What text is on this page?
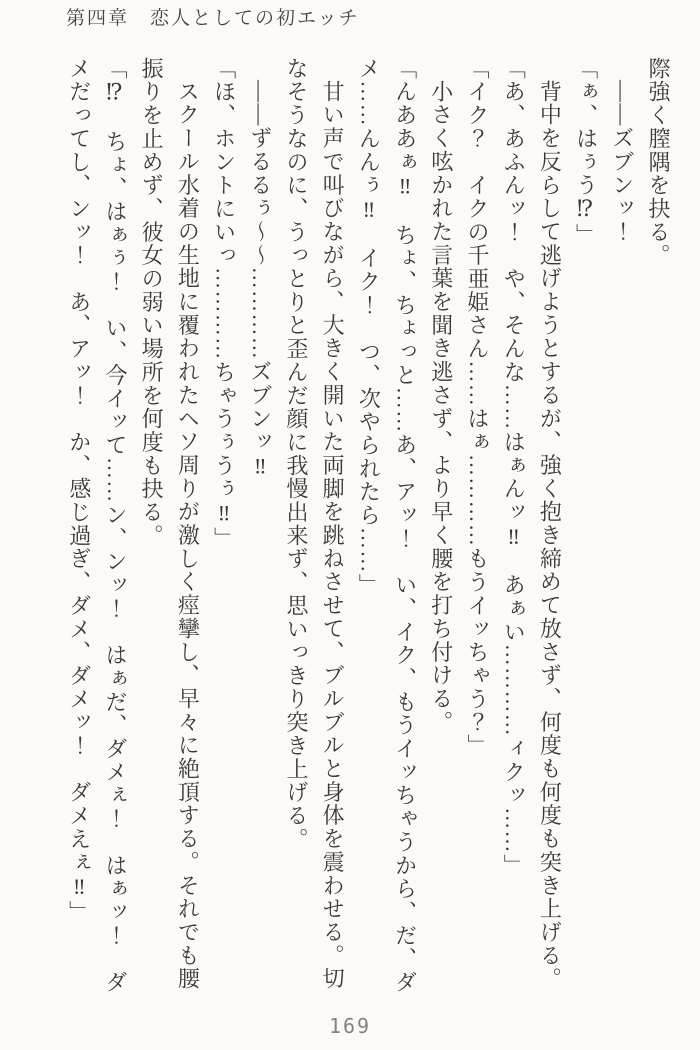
第四章　恋人としての初エッチ
際強く膣隅を抉る。
——ズブンッ！
「ぁ、はぅう⁉」
背中を反らして逃げようとするが、強く抱き締めて放さず、何度も何度も突き上げる。
「あ、あふんッ！　や、そんな……はぁんッ‼　あぁい…………ィクッ……」
「イク？　イクの千亜姫さん……はぁ…………もうイッちゃう？」
小さく呟かれた言葉を聞き逃さず、より早く腰を打ち付ける。
「んああぁ‼　ちょ、ちょっと……あ、アッ！　い、イク、もうイッちゃうから、だ、ダ
メ……んんぅ‼　イク！　つ、次やられたら……」
甘い声で叫びながら、大きく開いた両脚を跳ねさせて、ブルブルと身体を震わせる。切
なそうなのに、うっとりと歪んだ顔に我慢出来ず、思いっきり突き上げる。
——ずるるぅ～～…………ズブンッ‼
「ほ、ホントにいっ…………ちゃうぅうぅ‼」
スクール水着の生地に覆われたヘソ周りが激しく痙攣し、早々に絶頂する。それでも腰
振りを止めず、彼女の弱い場所を何度も抉る。
「⁉　ちょ、はぁぅ！　い、今イッて……ン、ンッ！　はぁだ、ダメぇ！　はぁッ！　ダ
メだってし、ンッ！　あ、アッ！　か、感じ過ぎ、ダメ、ダメッ！　ダメえぇ‼」
169
